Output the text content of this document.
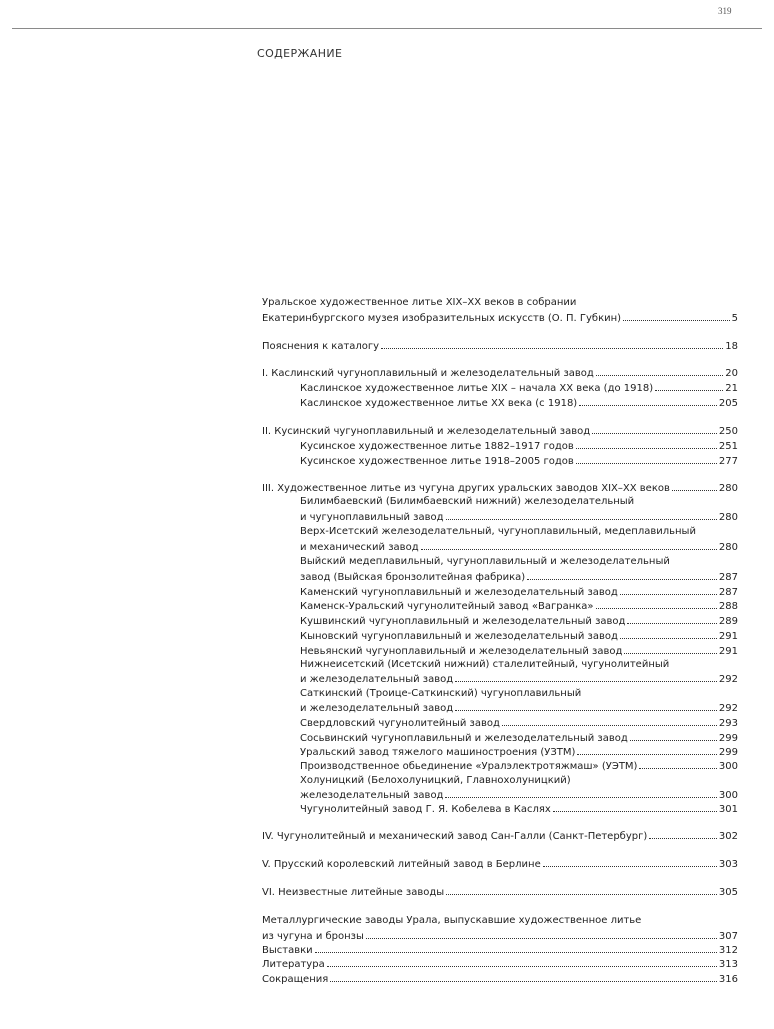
319
СОДЕРЖАНИЕ
Уральское художественное литье XIX–XX веков в собрании
Екатеринбургского музея изобразительных искусств (О. П. Губкин)	5
Пояснения к каталогу	18
I. Каслинский чугуноплавильный и железоделательный завод	20
Каслинское художественное литье XIX – начала XX века (до 1918)	21
Каслинское художественное литье XX века (с 1918)	205
II. Кусинский чугуноплавильный и железоделательный завод	250
Кусинское художественное литье 1882–1917 годов	251
Кусинское художественное литье 1918–2005 годов	277
III. Художественное литье из чугуна других уральских заводов XIX–XX веков	280
Билимбаевский (Билимбаевский нижний) железоделательный
и чугуноплавильный завод	280
Верх-Исетский железоделательный, чугуноплавильный, медеплавильный
и механический завод	280
Выйский медеплавильный, чугуноплавильный и железоделательный
завод (Выйская бронзолитейная фабрика)	287
Каменский чугуноплавильный и железоделательный завод	287
Каменск-Уральский чугунолитейный завод «Вагранка»	288
Кушвинский чугуноплавильный и железоделательный завод	289
Кыновский чугуноплавильный и железоделательный завод	291
Невьянский чугуноплавильный и железоделательный завод	291
Нижнеисетский (Исетский нижний) сталелитейный, чугунолитейный
и железоделательный завод	292
Саткинский (Троице-Саткинский) чугуноплавильный
и железоделательный завод	292
Свердловский чугунолитейный завод	293
Сосьвинский чугуноплавильный и железоделательный завод	299
Уральский завод тяжелого машиностроения (УЗТМ)	299
Производственное обьединение «Уралэлектротяжмаш» (УЭТМ)	300
Холуницкий (Белохолуницкий, Главнохолуницкий)
железоделательный завод	300
Чугунолитейный завод Г. Я. Кобелева в Каслях	301
IV. Чугунолитейный и механический завод Сан-Галли (Санкт-Петербург)	302
V. Прусский королевский литейный завод в Берлине	303
VI. Неизвестные литейные заводы	305
Металлургические заводы Урала, выпускавшие художественное литье
из чугуна и бронзы	307
Выставки	312
Литература	313
Сокращения	316
